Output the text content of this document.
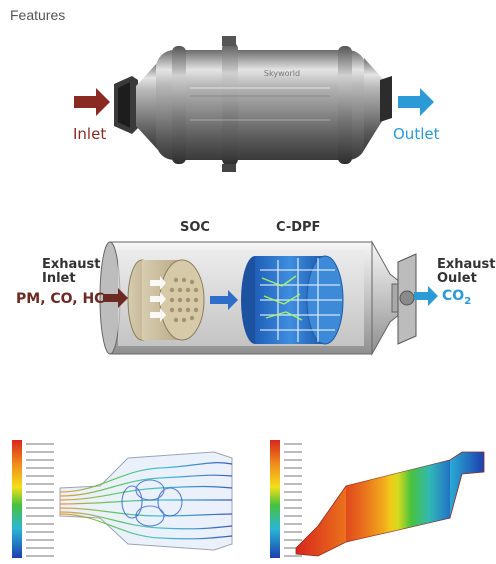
Features
Skyworld
Inlet	Outlet
SOC	C-DPF
Exhaust
Inlet
PM, CO, HC
Exhaust
Oulet
$CO_2$
